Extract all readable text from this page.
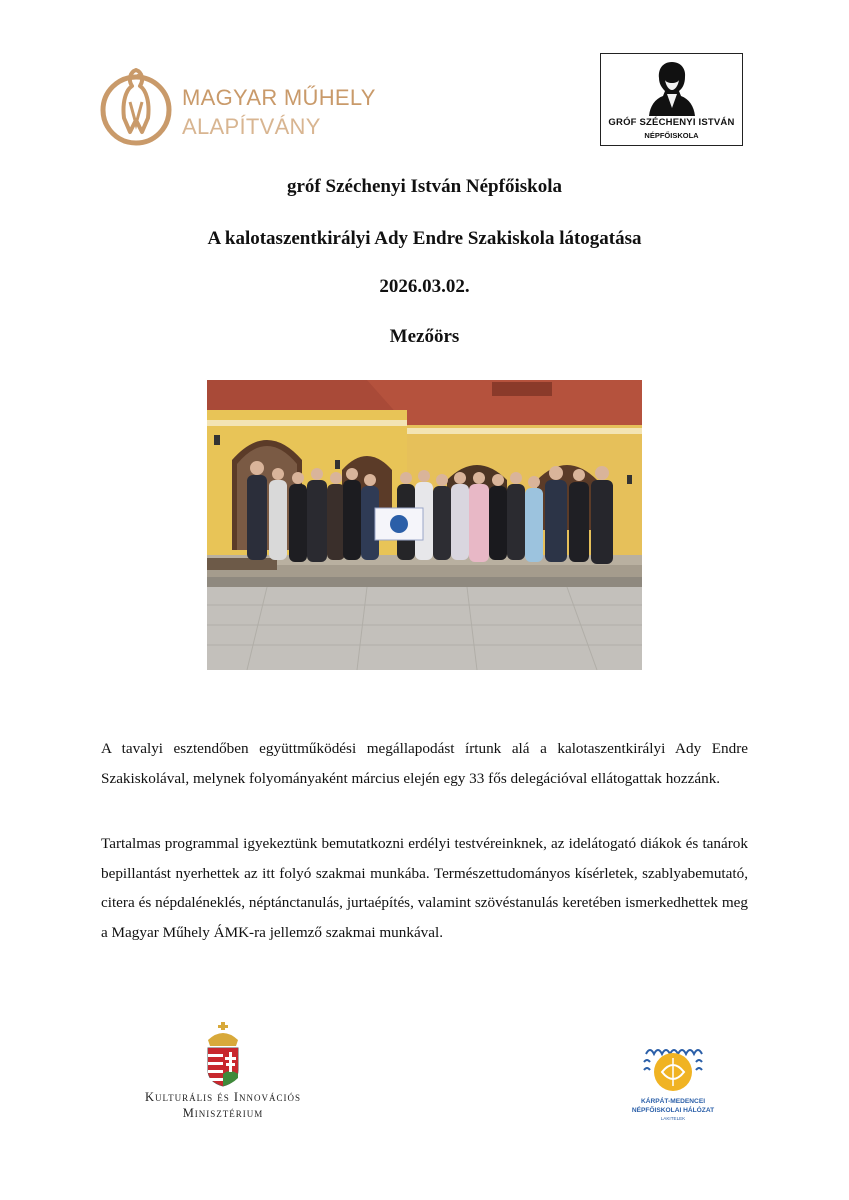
MAGYAR MŰHELY
ALAPÍTVÁNY	GRÓF SZÉCHENYI ISTVÁN
NÉPFŐISKOLA
gróf Széchenyi István Népfőiskola
A kalotaszentkirályi Ady Endre Szakiskola látogatása
2026.03.02.
Mezőörs
A tavalyi esztendőben együttműködési megállapodást írtunk alá a kalotaszentkirályi Ady Endre Szakiskolával, melynek folyományaként március elején egy 33 fős delegációval ellátogattak hozzánk.
Tartalmas programmal igyekeztünk bemutatkozni erdélyi testvéreinknek, az idelátogató diákok és tanárok bepillantást nyerhettek az itt folyó szakmai munkába. Természettudományos kísérletek, szablyabemutató, citera és népdaléneklés, néptánctanulás, jurtaépítés, valamint szövéstanulás keretében ismerkedhettek meg a Magyar Műhely ÁMK-ra jellemző szakmai munkával.
Kulturális és Innovációs
Minisztérium
KÁRPÁT-MEDENCEI
NÉPFŐISKOLAI HÁLÓZAT
LAKITELEK
